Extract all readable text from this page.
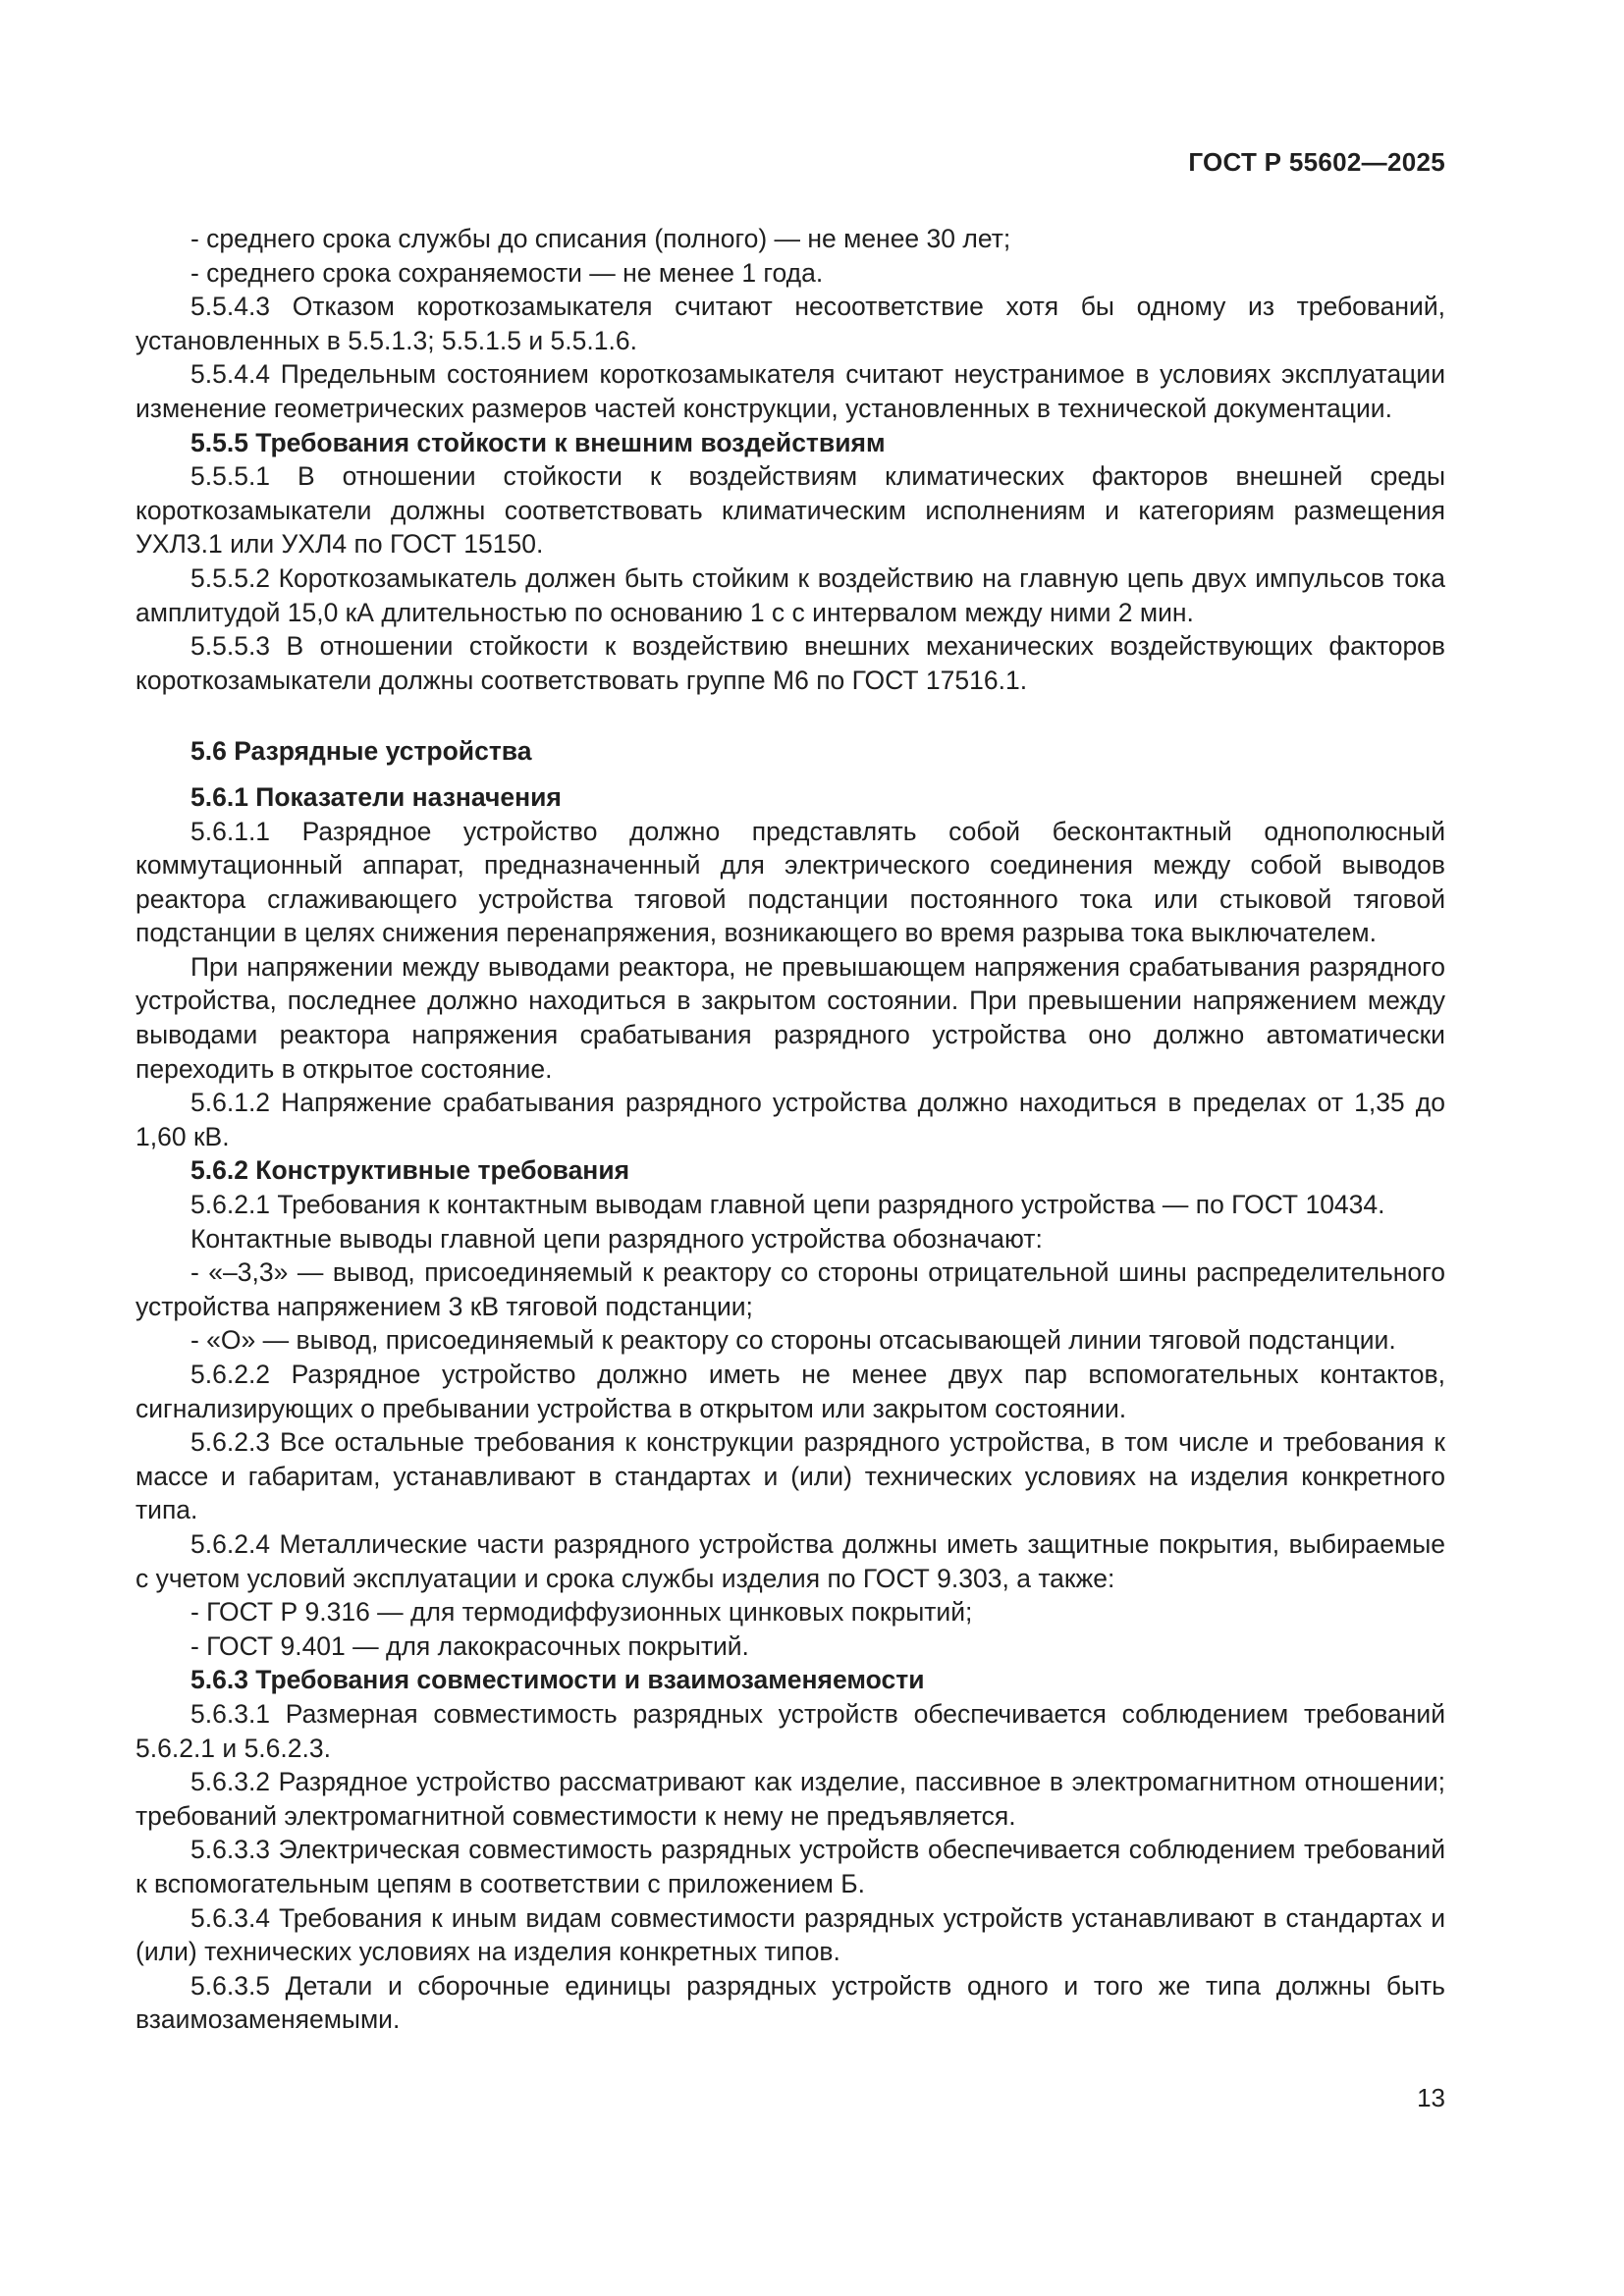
ГОСТ Р 55602—2025

- среднего срока службы до списания (полного) — не менее 30 лет;

- среднего срока сохраняемости — не менее 1 года.

5.5.4.3 Отказом короткозамыкателя считают несоответствие хотя бы одному из требований, установленных в 5.5.1.3; 5.5.1.5 и 5.5.1.6.

5.5.4.4 Предельным состоянием короткозамыкателя считают неустранимое в условиях эксплуатации изменение геометрических размеров частей конструкции, установленных в технической документации.

5.5.5 Требования стойкости к внешним воздействиям

5.5.5.1 В отношении стойкости к воздействиям климатических факторов внешней среды короткозамыкатели должны соответствовать климатическим исполнениям и категориям размещения УХЛ3.1 или УХЛ4 по ГОСТ 15150.

5.5.5.2 Короткозамыкатель должен быть стойким к воздействию на главную цепь двух импульсов тока амплитудой 15,0 кА длительностью по основанию 1 с с интервалом между ними 2 мин.

5.5.5.3 В отношении стойкости к воздействию внешних механических воздействующих факторов короткозамыкатели должны соответствовать группе М6 по ГОСТ 17516.1.

5.6 Разрядные устройства

5.6.1 Показатели назначения

5.6.1.1 Разрядное устройство должно представлять собой бесконтактный однополюсный коммутационный аппарат, предназначенный для электрического соединения между собой выводов реактора сглаживающего устройства тяговой подстанции постоянного тока или стыковой тяговой подстанции в целях снижения перенапряжения, возникающего во время разрыва тока выключателем.

При напряжении между выводами реактора, не превышающем напряжения срабатывания разрядного устройства, последнее должно находиться в закрытом состоянии. При превышении напряжением между выводами реактора напряжения срабатывания разрядного устройства оно должно автоматически переходить в открытое состояние.

5.6.1.2 Напряжение срабатывания разрядного устройства должно находиться в пределах от 1,35 до 1,60 кВ.

5.6.2 Конструктивные требования

5.6.2.1 Требования к контактным выводам главной цепи разрядного устройства — по ГОСТ 10434.

Контактные выводы главной цепи разрядного устройства обозначают:

- «–3,3» — вывод, присоединяемый к реактору со стороны отрицательной шины распределительного устройства напряжением 3 кВ тяговой подстанции;

- «О» — вывод, присоединяемый к реактору со стороны отсасывающей линии тяговой подстанции.

5.6.2.2 Разрядное устройство должно иметь не менее двух пар вспомогательных контактов, сигнализирующих о пребывании устройства в открытом или закрытом состоянии.

5.6.2.3 Все остальные требования к конструкции разрядного устройства, в том числе и требования к массе и габаритам, устанавливают в стандартах и (или) технических условиях на изделия конкретного типа.

5.6.2.4 Металлические части разрядного устройства должны иметь защитные покрытия, выбираемые с учетом условий эксплуатации и срока службы изделия по ГОСТ 9.303, а также:

- ГОСТ Р 9.316 — для термодиффузионных цинковых покрытий;

- ГОСТ 9.401 — для лакокрасочных покрытий.

5.6.3 Требования совместимости и взаимозаменяемости

5.6.3.1 Размерная совместимость разрядных устройств обеспечивается соблюдением требований 5.6.2.1 и 5.6.2.3.

5.6.3.2 Разрядное устройство рассматривают как изделие, пассивное в электромагнитном отношении; требований электромагнитной совместимости к нему не предъявляется.

5.6.3.3 Электрическая совместимость разрядных устройств обеспечивается соблюдением требований к вспомогательным цепям в соответствии с приложением Б.

5.6.3.4 Требования к иным видам совместимости разрядных устройств устанавливают в стандартах и (или) технических условиях на изделия конкретных типов.

5.6.3.5 Детали и сборочные единицы разрядных устройств одного и того же типа должны быть взаимозаменяемыми.

13
